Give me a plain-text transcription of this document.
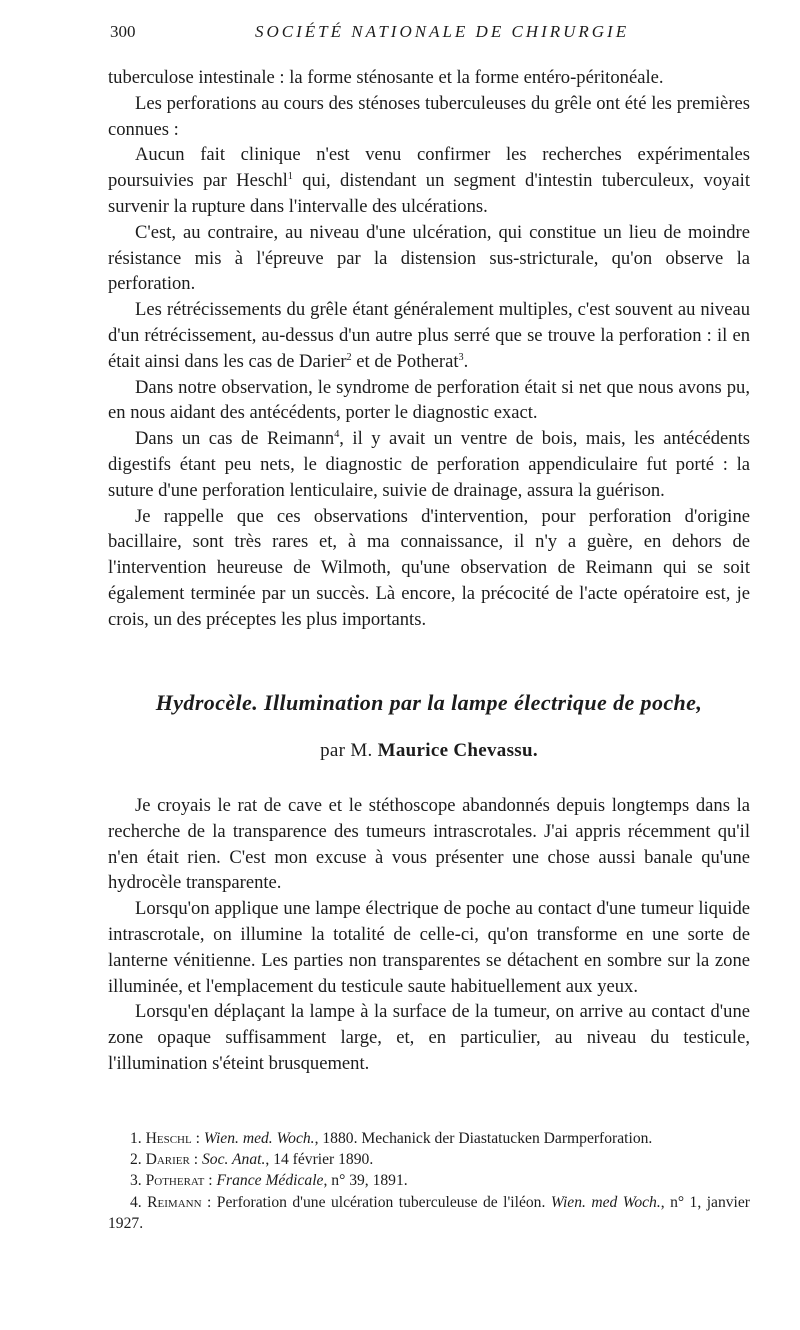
300	SOCIÉTÉ NATIONALE DE CHIRURGIE

tuberculose intestinale : la forme sténosante et la forme entéro-péritonéale.

Les perforations au cours des sténoses tuberculeuses du grêle ont été les premières connues :

Aucun fait clinique n'est venu confirmer les recherches expérimentales poursuivies par Heschl$^1$ qui, distendant un segment d'intestin tuberculeux, voyait survenir la rupture dans l'intervalle des ulcérations.

C'est, au contraire, au niveau d'une ulcération, qui constitue un lieu de moindre résistance mis à l'épreuve par la distension sus-stricturale, qu'on observe la perforation.

Les rétrécissements du grêle étant généralement multiples, c'est souvent au niveau d'un rétrécissement, au-dessus d'un autre plus serré que se trouve la perforation : il en était ainsi dans les cas de Darier$^2$ et de Potherat$^3$.

Dans notre observation, le syndrome de perforation était si net que nous avons pu, en nous aidant des antécédents, porter le diagnostic exact.

Dans un cas de Reimann$^4$, il y avait un ventre de bois, mais, les antécédents digestifs étant peu nets, le diagnostic de perforation appendiculaire fut porté : la suture d'une perforation lenticulaire, suivie de drainage, assura la guérison.

Je rappelle que ces observations d'intervention, pour perforation d'origine bacillaire, sont très rares et, à ma connaissance, il n'y a guère, en dehors de l'intervention heureuse de Wilmoth, qu'une observation de Reimann qui se soit également terminée par un succès. Là encore, la précocité de l'acte opératoire est, je crois, un des préceptes les plus importants.

Hydrocèle. Illumination par la lampe électrique de poche,
par M. Maurice Chevassu.

Je croyais le rat de cave et le stéthoscope abandonnés depuis longtemps dans la recherche de la transparence des tumeurs intrascrotales. J'ai appris récemment qu'il n'en était rien. C'est mon excuse à vous présenter une chose aussi banale qu'une hydrocèle transparente.

Lorsqu'on applique une lampe électrique de poche au contact d'une tumeur liquide intrascrotale, on illumine la totalité de celle-ci, qu'on transforme en une sorte de lanterne vénitienne. Les parties non transparentes se détachent en sombre sur la zone illuminée, et l'emplacement du testicule saute habituellement aux yeux.

Lorsqu'en déplaçant la lampe à la surface de la tumeur, on arrive au contact d'une zone opaque suffisamment large, et, en particulier, au niveau du testicule, l'illumination s'éteint brusquement.

1. Heschl : Wien. med. Woch., 1880. Mechanick der Diastatucken Darmperforation.

2. Darier : Soc. Anat., 14 février 1890.

3. Potherat : France Médicale, n° 39, 1891.

4. Reimann : Perforation d'une ulcération tuberculeuse de l'iléon. Wien. med Woch., n° 1, janvier 1927.
